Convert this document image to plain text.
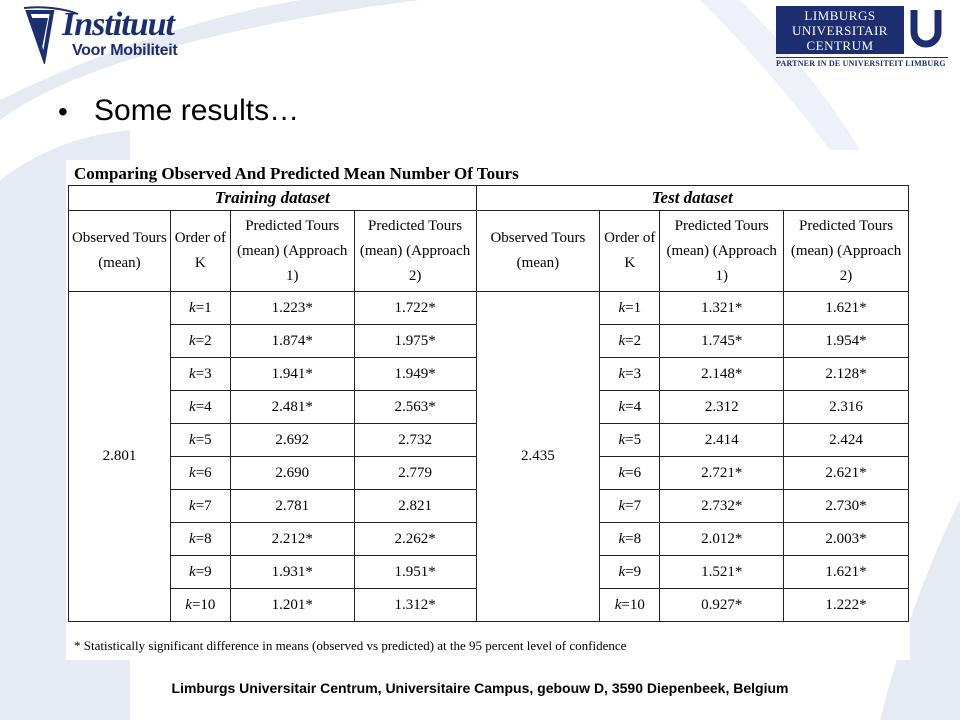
Instituut
Voor Mobiliteit
LIMBURGS
UNIVERSITAIR
CENTRUM
PARTNER IN DE UNIVERSITEIT LIMBURG
• Some results…
Comparing Observed And Predicted Mean Number Of Tours
Training dataset				Test dataset			
Observed Tours (mean)	Order of K	Predicted Tours (mean) (Approach 1)	Predicted Tours (mean) (Approach 2)	Observed Tours (mean)	Order of K	Predicted Tours (mean) (Approach 1)	Predicted Tours (mean) (Approach 2)
2.801	k=1	1.223*	1.722*	2.435	k=1	1.321*	1.621*
	k=2	1.874*	1.975*		k=2	1.745*	1.954*
	k=3	1.941*	1.949*		k=3	2.148*	2.128*
	k=4	2.481*	2.563*		k=4	2.312	2.316
	k=5	2.692	2.732		k=5	2.414	2.424
	k=6	2.690	2.779		k=6	2.721*	2.621*
	k=7	2.781	2.821		k=7	2.732*	2.730*
	k=8	2.212*	2.262*		k=8	2.012*	2.003*
	k=9	1.931*	1.951*		k=9	1.521*	1.621*
	k=10	1.201*	1.312*		k=10	0.927*	1.222*
* Statistically significant difference in means (observed vs predicted) at the 95 percent level of confidence
Limburgs Universitair Centrum, Universitaire Campus, gebouw D, 3590 Diepenbeek, Belgium
